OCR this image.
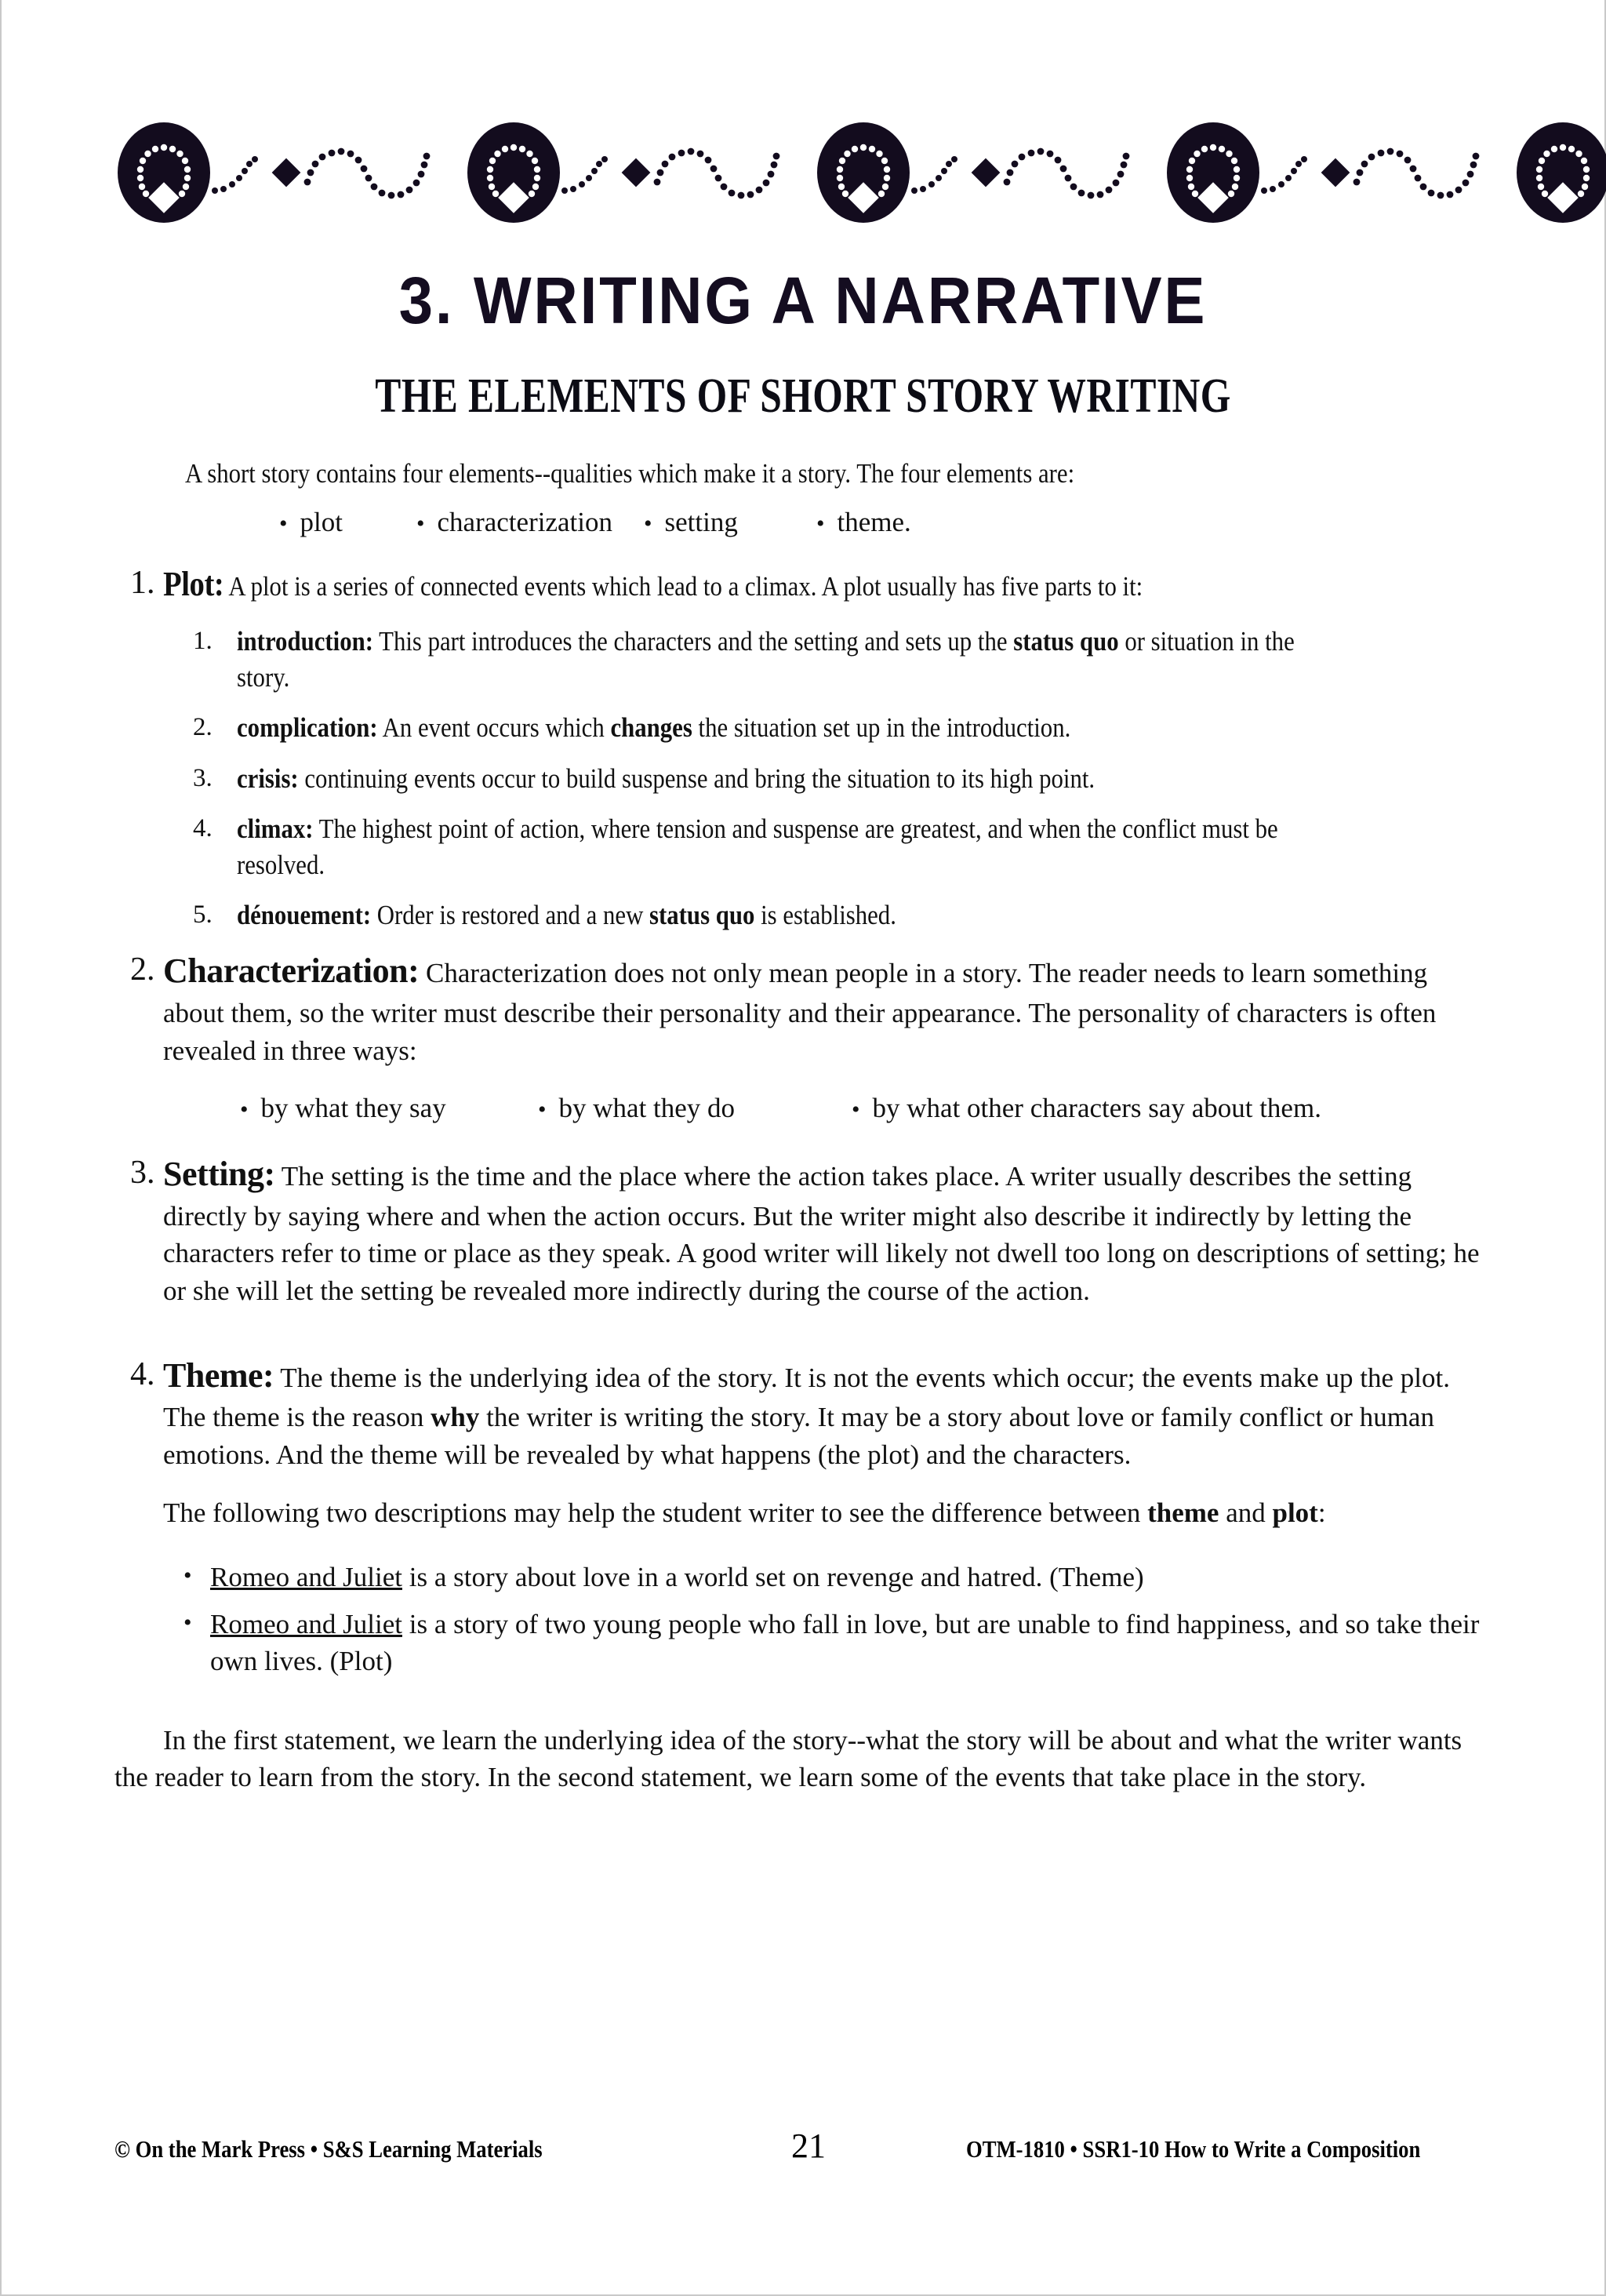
3. WRITING A NARRATIVE
THE ELEMENTS OF SHORT STORY WRITING

A short story contains four elements--qualities which make it a story. The four elements are:

• plot	• characterization • setting	• theme.
1. Plot: A plot is a series of connected events which lead to a climax. A plot usually has five parts to it:

1. introduction: This part introduces the characters and the setting and sets up the status quo or situation in the story.
2. complication: An event occurs which changes the situation set up in the introduction.
3. crisis: continuing events occur to build suspense and bring the situation to its high point.
4. climax: The highest point of action, where tension and suspense are greatest, and when the conflict must be resolved.
5. dénouement: Order is restored and a new status quo is established.
2. Characterization: Characterization does not only mean people in a story. The reader needs to learn something about them, so the writer must describe their personality and their appearance. The personality of characters is often revealed in three ways:

• by what they say	• by what they do	• by what other characters say about them.
3. Setting: The setting is the time and the place where the action takes place. A writer usually describes the setting directly by saying where and when the action occurs. But the writer might also describe it indirectly by letting the characters refer to time or place as they speak. A good writer will likely not dwell too long on descriptions of setting; he or she will let the setting be revealed more indirectly during the course of the action.

4. Theme: The theme is the underlying idea of the story. It is not the events which occur; the events make up the plot. The theme is the reason why the writer is writing the story. It may be a story about love or family conflict or human emotions. And the theme will be revealed by what happens (the plot) and the characters.

The following two descriptions may help the student writer to see the difference between theme and plot:

• Romeo and Juliet is a story about love in a world set on revenge and hatred. (Theme)
• Romeo and Juliet is a story of two young people who fall in love, but are unable to find happiness, and so take their own lives. (Plot)

In the first statement, we learn the underlying idea of the story--what the story will be about and what the writer wants the reader to learn from the story. In the second statement, we learn some of the events that take place in the story.

© On the Mark Press • S&S Learning Materials	21	OTM-1810 • SSR1-10 How to Write a Composition
